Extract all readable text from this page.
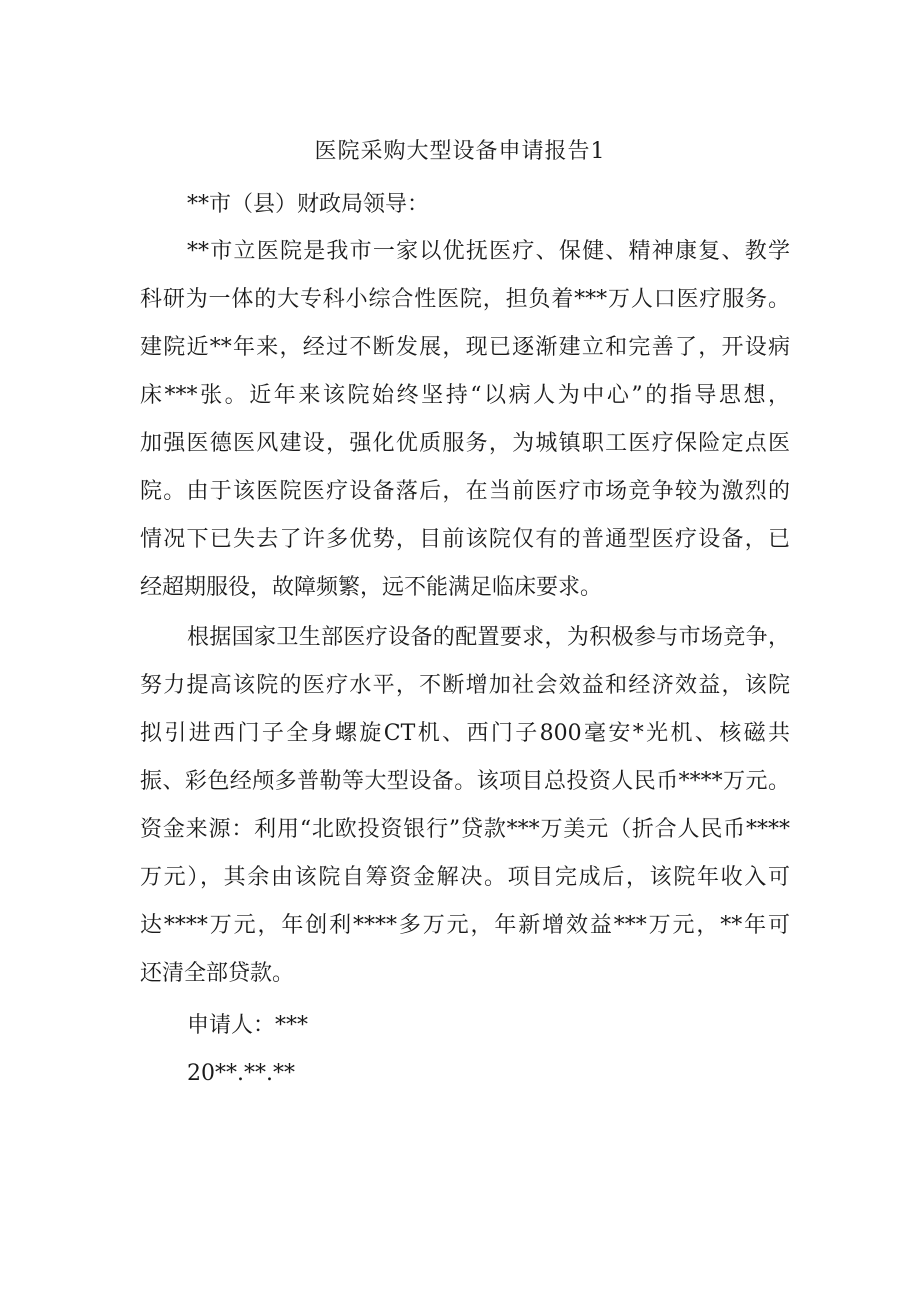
医院采购大型设备申请报告1
**市（县）财政局领导：
**市立医院是我市一家以优抚医疗、保健、精神康复、教学
科研为一体的大专科小综合性医院，担负着***万人口医疗服务。
建院近**年来，经过不断发展，现已逐渐建立和完善了，开设病
床***张。近年来该院始终坚持“以病人为中心”的指导思想，
加强医德医风建设，强化优质服务，为城镇职工医疗保险定点医
院。由于该医院医疗设备落后，在当前医疗市场竞争较为激烈的
情况下已失去了许多优势，目前该院仅有的普通型医疗设备，已
经超期服役，故障频繁，远不能满足临床要求。
根据国家卫生部医疗设备的配置要求，为积极参与市场竞争，
努力提高该院的医疗水平，不断增加社会效益和经济效益，该院
拟引进西门子全身螺旋CT机、西门子800毫安*光机、核磁共
振、彩色经颅多普勒等大型设备。该项目总投资人民币****万元。
资金来源：利用“北欧投资银行”贷款***万美元（折合人民币****
万元），其余由该院自筹资金解决。项目完成后，该院年收入可
达****万元，年创利****多万元，年新增效益***万元，**年可
还清全部贷款。
申请人：***
20**.**.**
